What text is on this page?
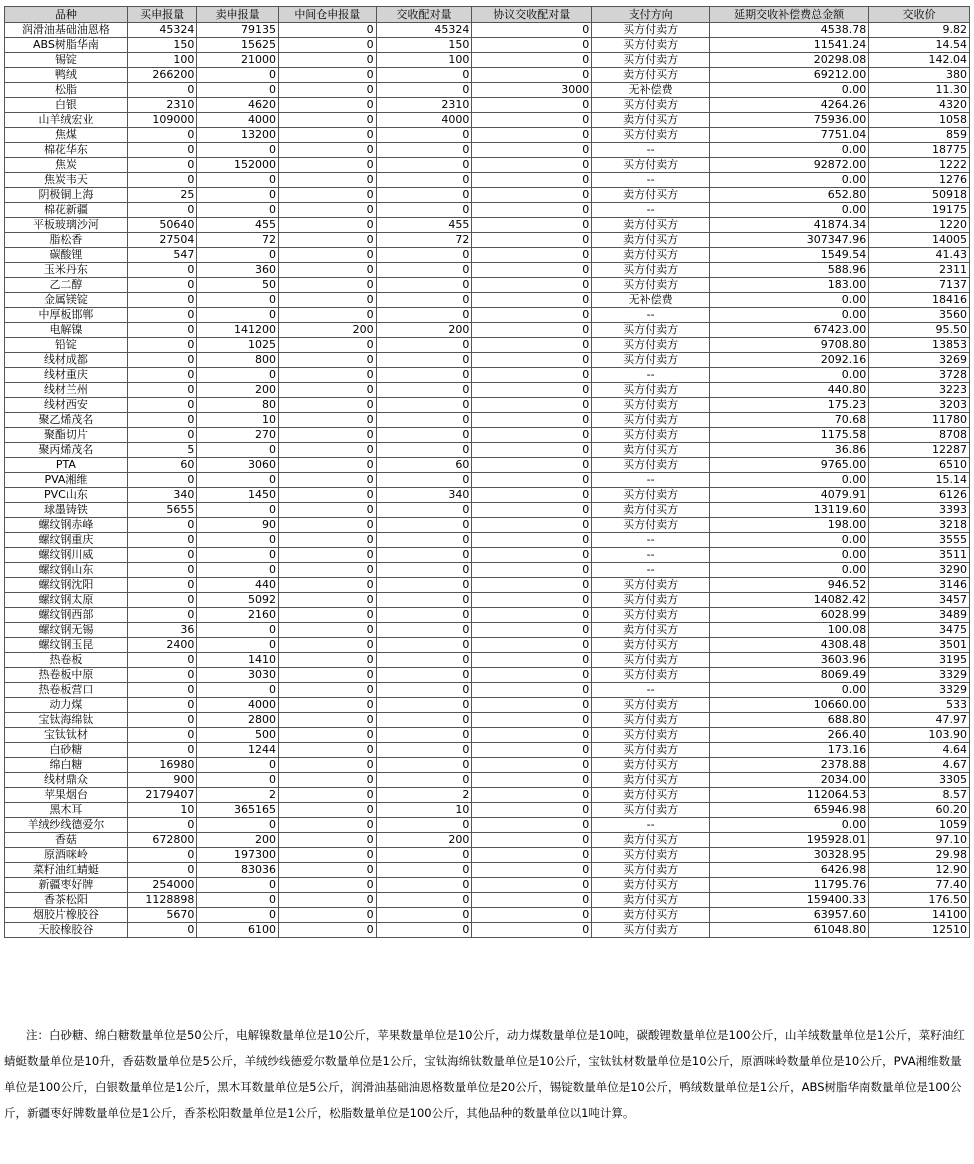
品种	买申报量	卖申报量	中间仓申报量	交收配对量	协议交收配对量	支付方向	延期交收补偿费总金额	交收价
润滑油基础油恩格	45324	79135	0	45324	0	买方付卖方	4538.78	9.82
ABS树脂华南	150	15625	0	150	0	买方付卖方	11541.24	14.54
锡锭	100	21000	0	100	0	买方付卖方	20298.08	142.04
鸭绒	266200	0	0	0	0	卖方付买方	69212.00	380
松脂	0	0	0	0	3000	无补偿费	0.00	11.30
白银	2310	4620	0	2310	0	买方付卖方	4264.26	4320
山羊绒宏业	109000	4000	0	4000	0	卖方付买方	75936.00	1058
焦煤	0	13200	0	0	0	买方付卖方	7751.04	859
棉花华东	0	0	0	0	0	--	0.00	18775
焦炭	0	152000	0	0	0	买方付卖方	92872.00	1222
焦炭韦天	0	0	0	0	0	--	0.00	1276
阴极铜上海	25	0	0	0	0	卖方付买方	652.80	50918
棉花新疆	0	0	0	0	0	--	0.00	19175
平板玻璃沙河	50640	455	0	455	0	卖方付买方	41874.34	1220
脂松香	27504	72	0	72	0	卖方付买方	307347.96	14005
碳酸锂	547	0	0	0	0	卖方付买方	1549.54	41.43
玉米丹东	0	360	0	0	0	买方付卖方	588.96	2311
乙二醇	0	50	0	0	0	买方付卖方	183.00	7137
金属镁锭	0	0	0	0	0	无补偿费	0.00	18416
中厚板邯郸	0	0	0	0	0	--	0.00	3560
电解镍	0	141200	200	200	0	买方付卖方	67423.00	95.50
铅锭	0	1025	0	0	0	买方付卖方	9708.80	13853
线材成都	0	800	0	0	0	买方付卖方	2092.16	3269
线材重庆	0	0	0	0	0	--	0.00	3728
线材兰州	0	200	0	0	0	买方付卖方	440.80	3223
线材西安	0	80	0	0	0	买方付卖方	175.23	3203
聚乙烯茂名	0	10	0	0	0	买方付卖方	70.68	11780
聚酯切片	0	270	0	0	0	买方付卖方	1175.58	8708
聚丙烯茂名	5	0	0	0	0	卖方付买方	36.86	12287
PTA	60	3060	0	60	0	买方付卖方	9765.00	6510
PVA湘维	0	0	0	0	0	--	0.00	15.14
PVC山东	340	1450	0	340	0	买方付卖方	4079.91	6126
球墨铸铁	5655	0	0	0	0	卖方付买方	13119.60	3393
螺纹钢赤峰	0	90	0	0	0	买方付卖方	198.00	3218
螺纹钢重庆	0	0	0	0	0	--	0.00	3555
螺纹钢川威	0	0	0	0	0	--	0.00	3511
螺纹钢山东	0	0	0	0	0	--	0.00	3290
螺纹钢沈阳	0	440	0	0	0	买方付卖方	946.52	3146
螺纹钢太原	0	5092	0	0	0	买方付卖方	14082.42	3457
螺纹钢西部	0	2160	0	0	0	买方付卖方	6028.99	3489
螺纹钢无锡	36	0	0	0	0	卖方付买方	100.08	3475
螺纹钢玉昆	2400	0	0	0	0	卖方付买方	4308.48	3501
热卷板	0	1410	0	0	0	买方付卖方	3603.96	3195
热卷板中原	0	3030	0	0	0	买方付卖方	8069.49	3329
热卷板营口	0	0	0	0	0	--	0.00	3329
动力煤	0	4000	0	0	0	买方付卖方	10660.00	533
宝钛海绵钛	0	2800	0	0	0	买方付卖方	688.80	47.97
宝钛钛材	0	500	0	0	0	买方付卖方	266.40	103.90
白砂糖	0	1244	0	0	0	买方付卖方	173.16	4.64
绵白糖	16980	0	0	0	0	卖方付买方	2378.88	4.67
线材鼎众	900	0	0	0	0	卖方付买方	2034.00	3305
苹果烟台	2179407	2	0	2	0	卖方付买方	112064.53	8.57
黑木耳	10	365165	0	10	0	买方付卖方	65946.98	60.20
羊绒纱线德爱尔	0	0	0	0	0	--	0.00	1059
香菇	672800	200	0	200	0	卖方付买方	195928.01	97.10
原酒咪岭	0	197300	0	0	0	买方付卖方	30328.95	29.98
菜籽油红蜻蜓	0	83036	0	0	0	买方付卖方	6426.98	12.90
新疆枣好牌	254000	0	0	0	0	卖方付买方	11795.76	77.40
香茶松阳	1128898	0	0	0	0	卖方付买方	159400.33	176.50
烟胶片橡胶谷	5670	0	0	0	0	卖方付买方	63957.60	14100
天胶橡胶谷	0	6100	0	0	0	买方付卖方	61048.80	12510

注：白砂糖、绵白糖数量单位是50公斤，电解镍数量单位是10公斤，苹果数量单位是10公斤，动力煤数量单位是10吨，碳酸锂数量单位是100公斤，山羊绒数量单位是1公斤，菜籽油红蜻蜓数量单位是10升，香菇数量单位是5公斤，羊绒纱线德爱尔数量单位是1公斤，宝钛海绵钛数量单位是10公斤，宝钛钛材数量单位是10公斤，原酒咪岭数量单位是10公斤，PVA湘维数量单位是100公斤，白银数量单位是1公斤，黑木耳数量单位是5公斤，润滑油基础油恩格数量单位是20公斤，锡锭数量单位是10公斤，鸭绒数量单位是1公斤，ABS树脂华南数量单位是100公斤，新疆枣好牌数量单位是1公斤，香茶松阳数量单位是1公斤，松脂数量单位是100公斤，其他品种的数量单位以1吨计算。
